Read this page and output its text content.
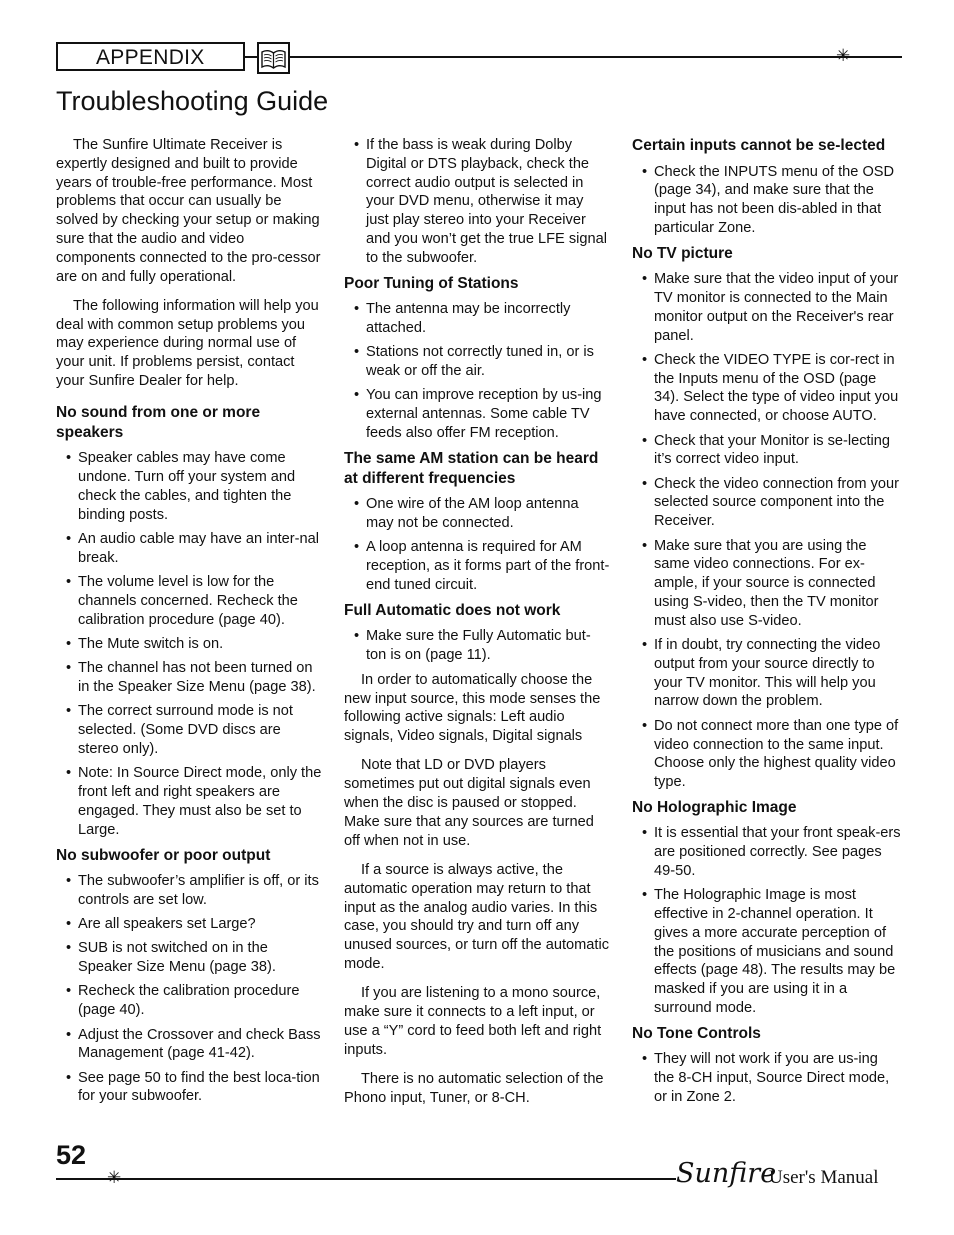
APPENDIX	✳
Troubleshooting Guide

The Sunfire Ultimate Receiver is expertly designed and built to provide years of trouble-free performance. Most problems that occur can usually be solved by checking your setup or making sure that the audio and video components connected to the pro-cessor are on and fully operational.

The following information will help you deal with common setup problems you may experience during normal use of your unit. If problems persist, contact your Sunfire Dealer for help.

No sound from one or more speakers
• Speaker cables may have come undone. Turn off your system and check the cables, and tighten the binding posts.
• An audio cable may have an inter-nal break.
• The volume level is low for the channels concerned. Recheck the calibration procedure (page 40).
• The Mute switch is on.
• The channel has not been turned on in the Speaker Size Menu (page 38).
• The correct surround mode is not selected. (Some DVD discs are stereo only).
• Note: In Source Direct mode, only the front left and right speakers are engaged. They must also be set to Large.
No subwoofer or poor output
• The subwoofer’s amplifier is off, or its controls are set low.
• Are all speakers set Large?
• SUB is not switched on in the Speaker Size Menu (page 38).
• Recheck the calibration procedure (page 40).
• Adjust the Crossover and check Bass Management (page 41-42).
• See page 50 to find the best loca-tion for your subwoofer.
• If the bass is weak during Dolby Digital or DTS playback, check the correct audio output is selected in your DVD menu, otherwise it may just play stereo into your Receiver and you won’t get the true LFE signal to the subwoofer.
Poor Tuning of Stations
• The antenna may be incorrectly attached.
• Stations not correctly tuned in, or is weak or off the air.
• You can improve reception by us-ing external antennas. Some cable TV feeds also offer FM reception.
The same AM station can be heard at different frequencies
• One wire of the AM loop antenna may not be connected.
• A loop antenna is required for AM reception, as it forms part of the front-end tuned circuit.
Full Automatic does not work
• Make sure the Fully Automatic but-ton is on (page 11).

In order to automatically choose the new input source, this mode senses the following active signals: Left audio signals, Video signals, Digital signals

Note that LD or DVD players sometimes put out digital signals even when the disc is paused or stopped. Make sure that any sources are turned off when not in use.

If a source is always active, the automatic operation may return to that input as the analog audio varies. In this case, you should try and turn off any unused sources, or turn off the automatic mode.

If you are listening to a mono source, make sure it connects to a left input, or use a “Y” cord to feed both left and right inputs.

There is no automatic selection of the Phono input, Tuner, or 8-CH.

Certain inputs cannot be se-lected
• Check the INPUTS menu of the OSD (page 34), and make sure that the input has not been dis-abled in that particular Zone.
No TV picture
• Make sure that the video input of your TV monitor is connected to the Main monitor output on the Receiver's rear panel.
• Check the VIDEO TYPE is cor-rect in the Inputs menu of the OSD (page 34). Select the type of video input you have connected, or choose AUTO.
• Check that your Monitor is se-lecting it’s correct video input.
• Check the video connection from your selected source component into the Receiver.
• Make sure that you are using the same video connections. For ex-ample, if your source is connected using S-video, then the TV monitor must also use S-video.
• If in doubt, try connecting the video output from your source directly to your TV monitor. This will help you narrow down the problem.
• Do not connect more than one type of video connection to the same input. Choose only the highest quality video type.
No Holographic Image
• It is essential that your front speak-ers are positioned correctly. See pages 49-50.
• The Holographic Image is most effective in 2-channel operation. It gives a more accurate perception of the positions of musicians and sound effects (page 48). The results may be masked if you are using it in a surround mode.
No Tone Controls
• They will not work if you are us-ing the 8-CH input, Source Direct mode, or in Zone 2.
52
✳	Sunfire
User's Manual
